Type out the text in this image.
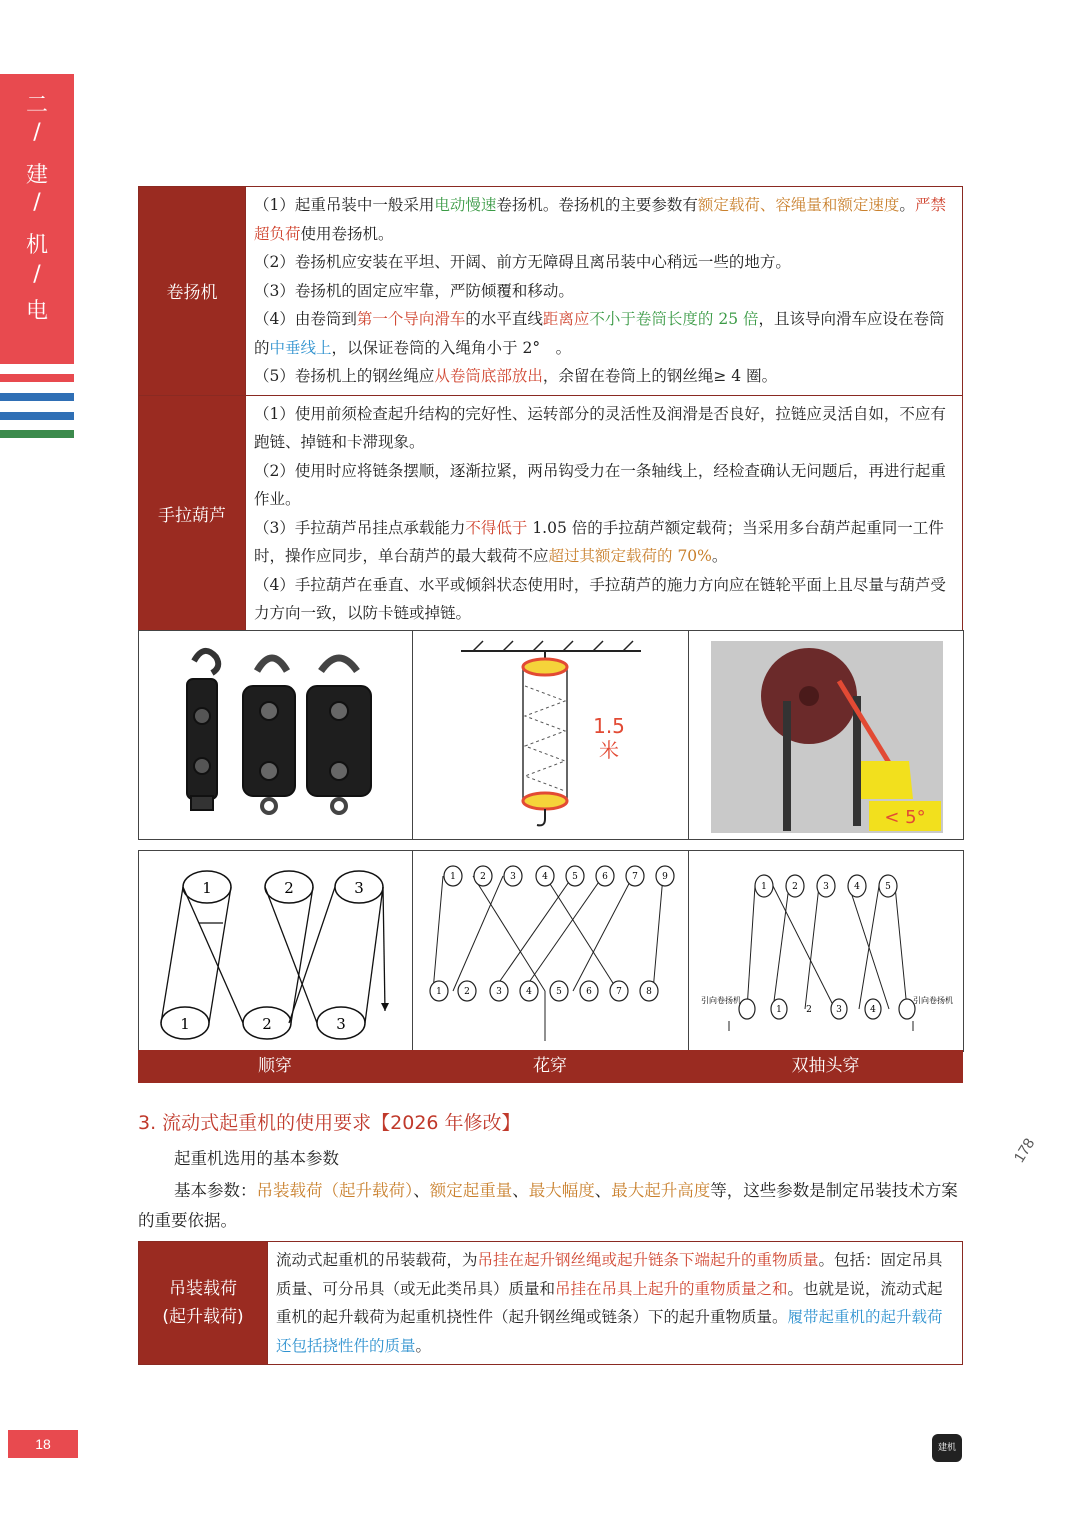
二
/
建
/
机
/
电
卷扬机	（1）起重吊装中一般采用电动慢速卷扬机。卷扬机的主要参数有额定载荷、容绳量和额定速度。严禁超负荷使用卷扬机。

（2）卷扬机应安装在平坦、开阔、前方无障碍且离吊装中心稍远一些的地方。

（3）卷扬机的固定应牢靠，严防倾覆和移动。

（4）由卷筒到第一个导向滑车的水平直线距离应不小于卷筒长度的 25 倍，且该导向滑车应设在卷筒的中垂线上，以保证卷筒的入绳角小于 2°　。

（5）卷扬机上的钢丝绳应从卷筒底部放出，余留在卷筒上的钢丝绳≥ 4 圈。

手拉葫芦	（1）使用前须检查起升结构的完好性、运转部分的灵活性及润滑是否良好，拉链应灵活自如，不应有跑链、掉链和卡滞现象。

（2）使用时应将链条摆顺，逐渐拉紧，两吊钩受力在一条轴线上，经检查确认无问题后，再进行起重作业。

（3）手拉葫芦吊挂点承载能力不得低于 1.05 倍的手拉葫芦额定载荷；当采用多台葫芦起重同一工件时，操作应同步，单台葫芦的最大载荷不应超过其额定载荷的 70%。

（4）手拉葫芦在垂直、水平或倾斜状态使用时，手拉葫芦的施力方向应在链轮平面上且尽量与葫芦受力方向一致，以防卡链或掉链。

1.5
米
< 5°
1	2	3
1	2	3
1	2	3	4	5	6	7	9
1 2	3	4	5	6	7	8
1	2	3	4	5
1	2	3	4
引向卷扬机	引向卷扬机
顺穿	花穿	双抽头穿
3. 流动式起重机的使用要求【2026 年修改】
起重机选用的基本参数
基本参数：吊装载荷（起升载荷）、额定起重量、最大幅度、最大起升高度等，这些参数是制定吊装技术方案的重要依据。
吊装载荷
(起升载荷)

流动式起重机的吊装载荷，为吊挂在起升钢丝绳或起升链条下端起升的重物质量。包括：固定吊具质量、可分吊具（或无此类吊具）质量和吊挂在吊具上起升的重物质量之和。也就是说，流动式起重机的起升载荷为起重机挠性件（起升钢丝绳或链条）下的起升重物质量。履带起重机的起升载荷还包括挠性件的质量。

178
18	建机
